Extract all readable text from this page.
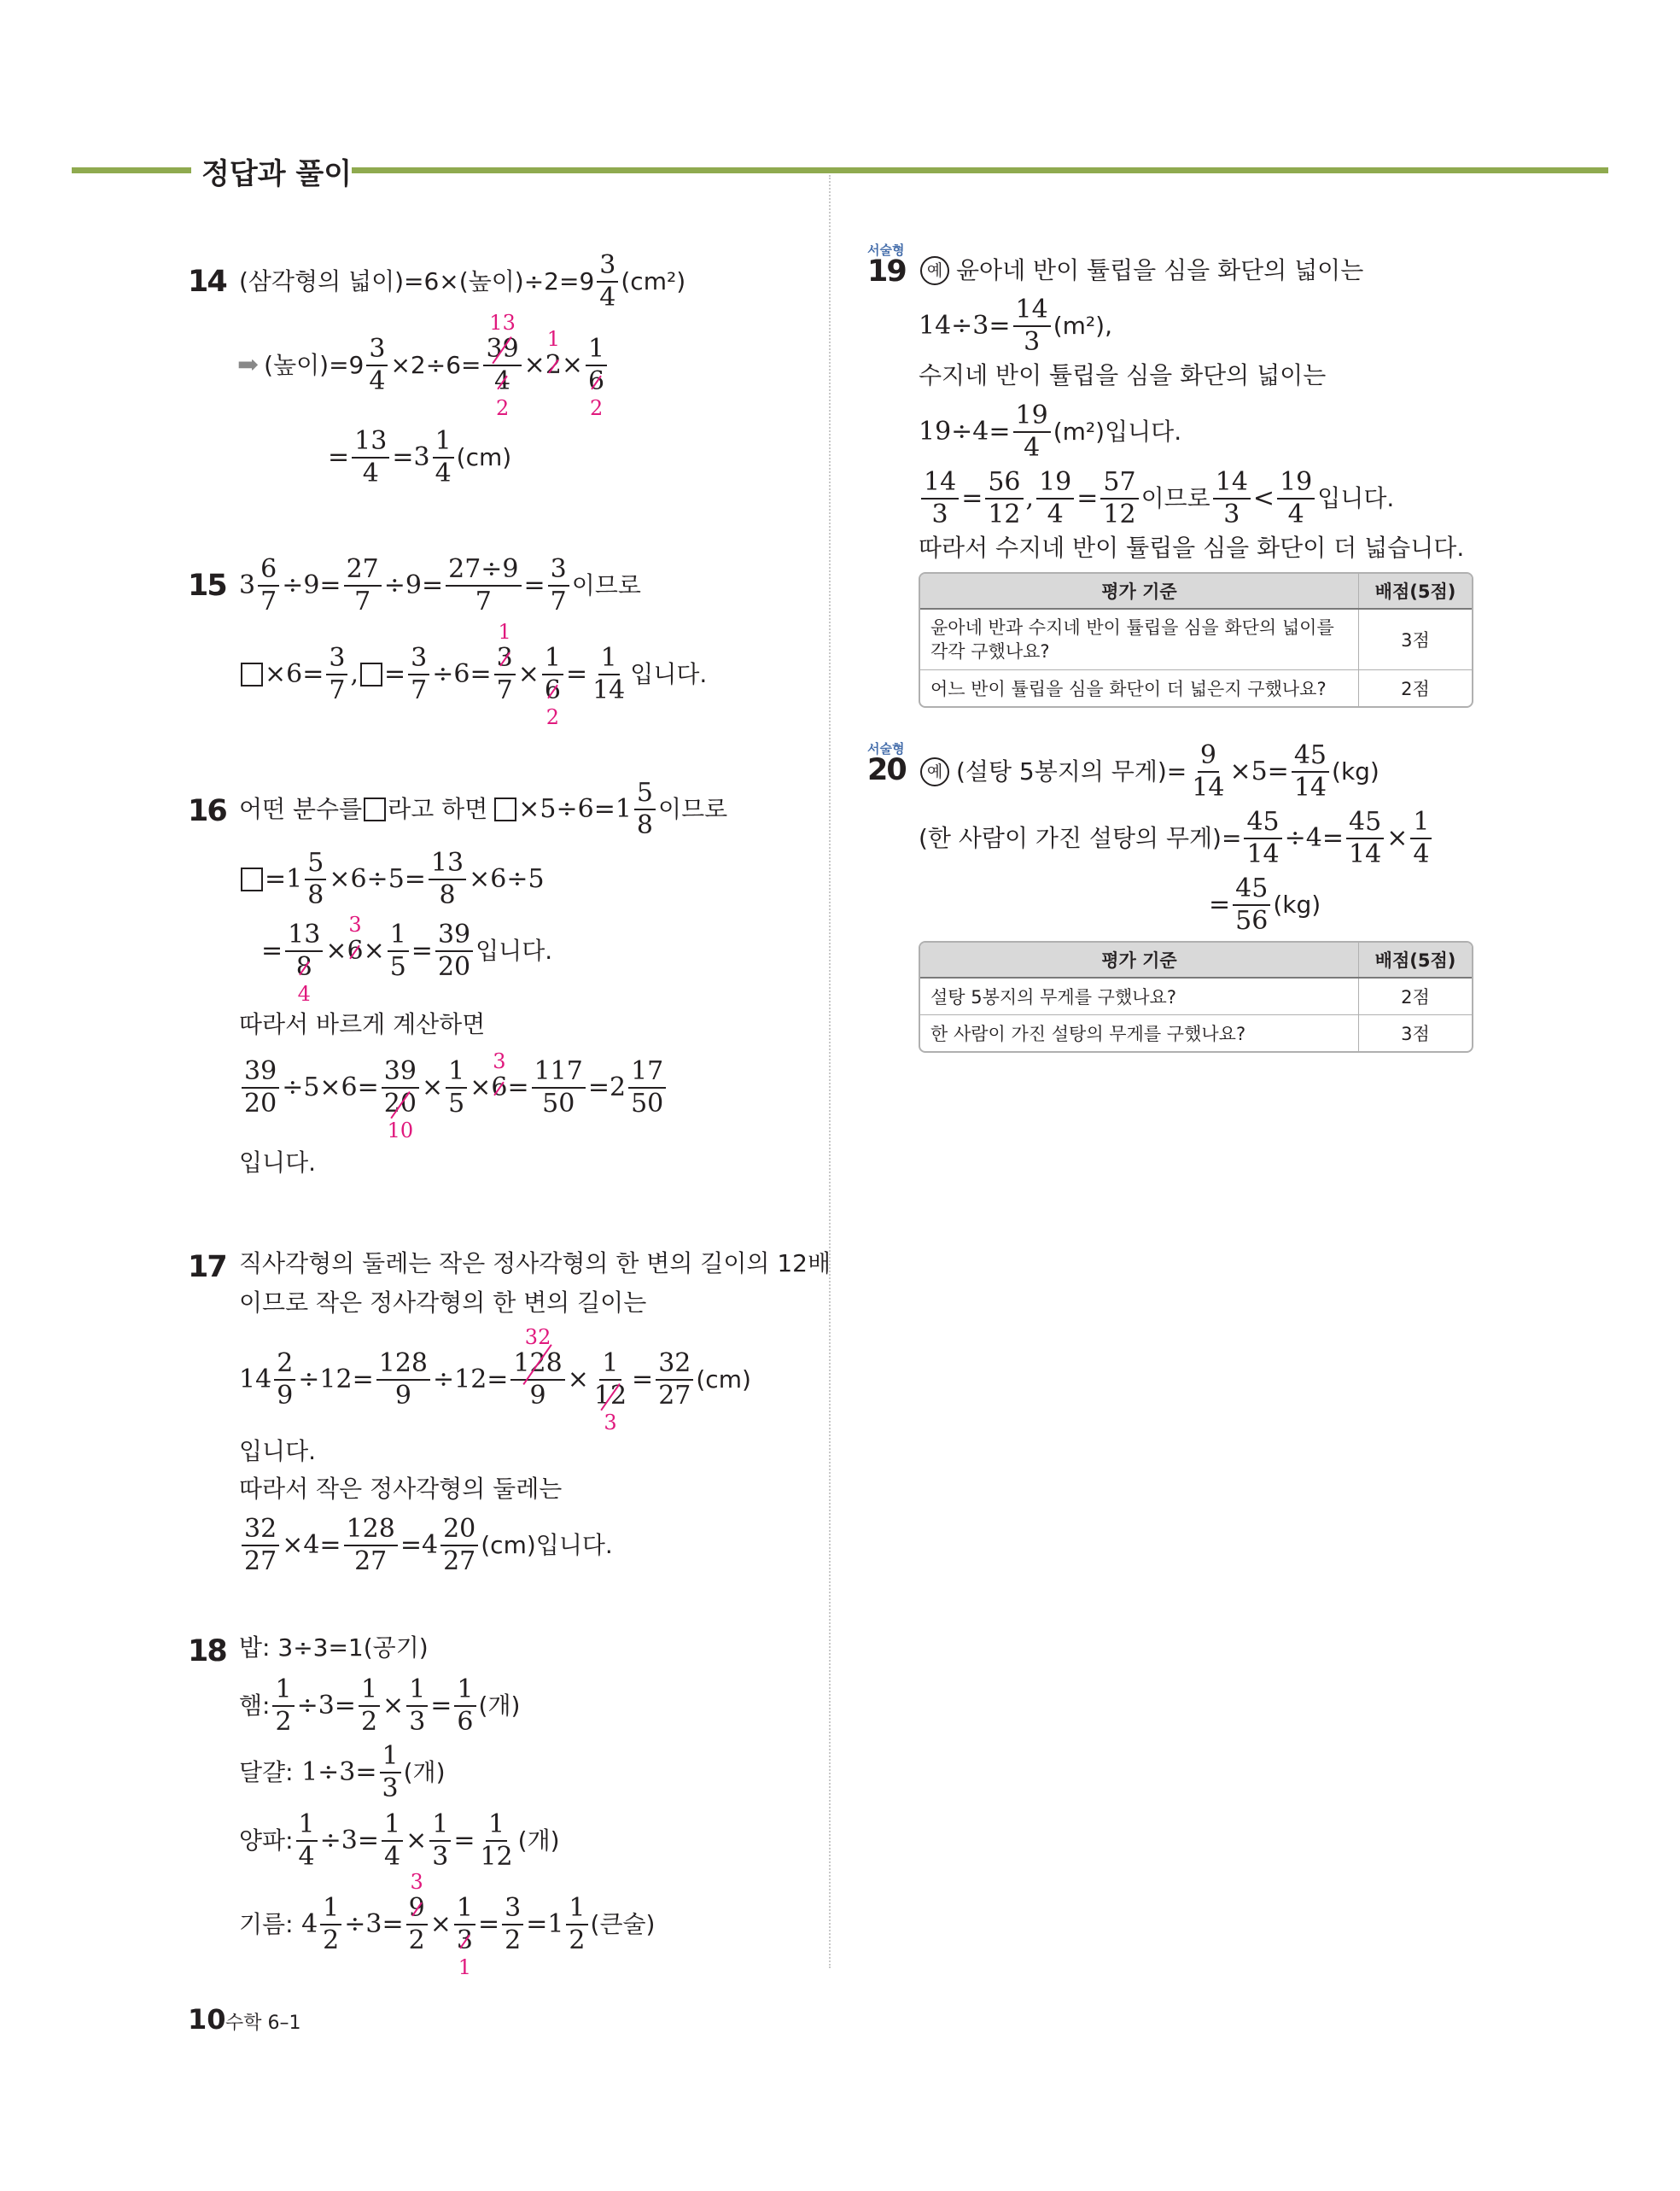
정답과 풀이
14 (삼각형의 넓이)=6×(높이)÷2=9
3
4
(cm²)
➡ (높이)$=9 \frac{3}{4} \times 2\div 6= 39$
13
4
2 × 2
1
× 1
6
2
= $\frac{13}{4} =3$
1
4
(cm)
15 $3 \frac{6}{7} \div 9= \frac{27}{7} \div 9= \frac{27\div 9}{7} = \frac{3}{7}$ 이므로
$\times 6= \frac{3}{7}$ , = $\frac{3}{7} \div 6= 3$
1
7 × 1
6
$2 = \frac{1}{14}$ 입니다.
16 어떤 분수를 라고 하면 ×5÷6=1
5
8
이므로
$=1 \frac{5}{8} \times 6\div 5= \frac{13}{8} \times 6\div 5$
= 13
8
4 × 6
3
× $\frac{1}{5} = \frac{39}{20}$ 입니다.
따라서 바르게 계산하면
$\frac{39}{20} \div 5\times 6= 39$
20
$10 \times \frac{1}{5} \times 6$
3
= $\frac{117}{50} =2$
17
50
입니다.
17 직사각형의 둘레는 작은 정사각형의 한 변의 길이의 12배
이므로 작은 정사각형의 한 변의 길이는
$14 \frac{2}{9} \div 12= \frac{128}{9} \div 12= 128$
32
9 × 1
12
$3 = \frac{32}{27} (cm)$
입니다.
따라서 작은 정사각형의 둘레는
$\frac{32}{27} \times 4= \frac{128}{27} =4$
20
27
(cm)입니다.
18 밥: 3÷3=1(공기)
햄: $\frac{1}{2} \div 3= \frac{1}{2} \times \frac{1}{3} = \frac{1}{6}$ (개)
달걀: $1\div 3= \frac{1}{3}$ (개)
양파: $\frac{1}{4} \div 3= \frac{1}{4} \times \frac{1}{3} = \frac{1}{12}$ (개)
기름: $4 \frac{1}{2} \div 3= 9$
3
2 × 1
3
$1 = \frac{3}{2} =1$
1
2
(큰술)
서술형
19	예 윤아네 반이 튤립을 심을 화단의 넓이는
$14\div 3= \frac{14}{3} (m^2)$,
수지네 반이 튤립을 심을 화단의 넓이는
$19\div 4= \frac{19}{4} (m^2)$입니다.
$\frac{14}{3} = \frac{56}{12}$ , $\frac{19}{4} = \frac{57}{12}$ 이므로
14
3
<
19
4
입니다.
따라서 수지네 반이 튤립을 심을 화단이 더 넓습니다.
평가 기준	배점(5점)
윤아네 반과 수지네 반이 튤립을 심을 화단의 넓이를 각각 구했나요?	3점
어느 반이 튤립을 심을 화단이 더 넓은지 구했나요?	2점
서술형
20	예 (설탕 5봉지의 무게)= $\frac{9}{14} \times 5= \frac{45}{14} (kg)$
(한 사람이 가진 설탕의 무게)= $\frac{45}{14} \div 4= \frac{45}{14} \times \frac{1}{4}$
= $\frac{45}{56} (kg)$
평가 기준	배점(5점)
설탕 5봉지의 무게를 구했나요?	2점
한 사람이 가진 설탕의 무게를 구했나요?	3점
10 수학 6–1
